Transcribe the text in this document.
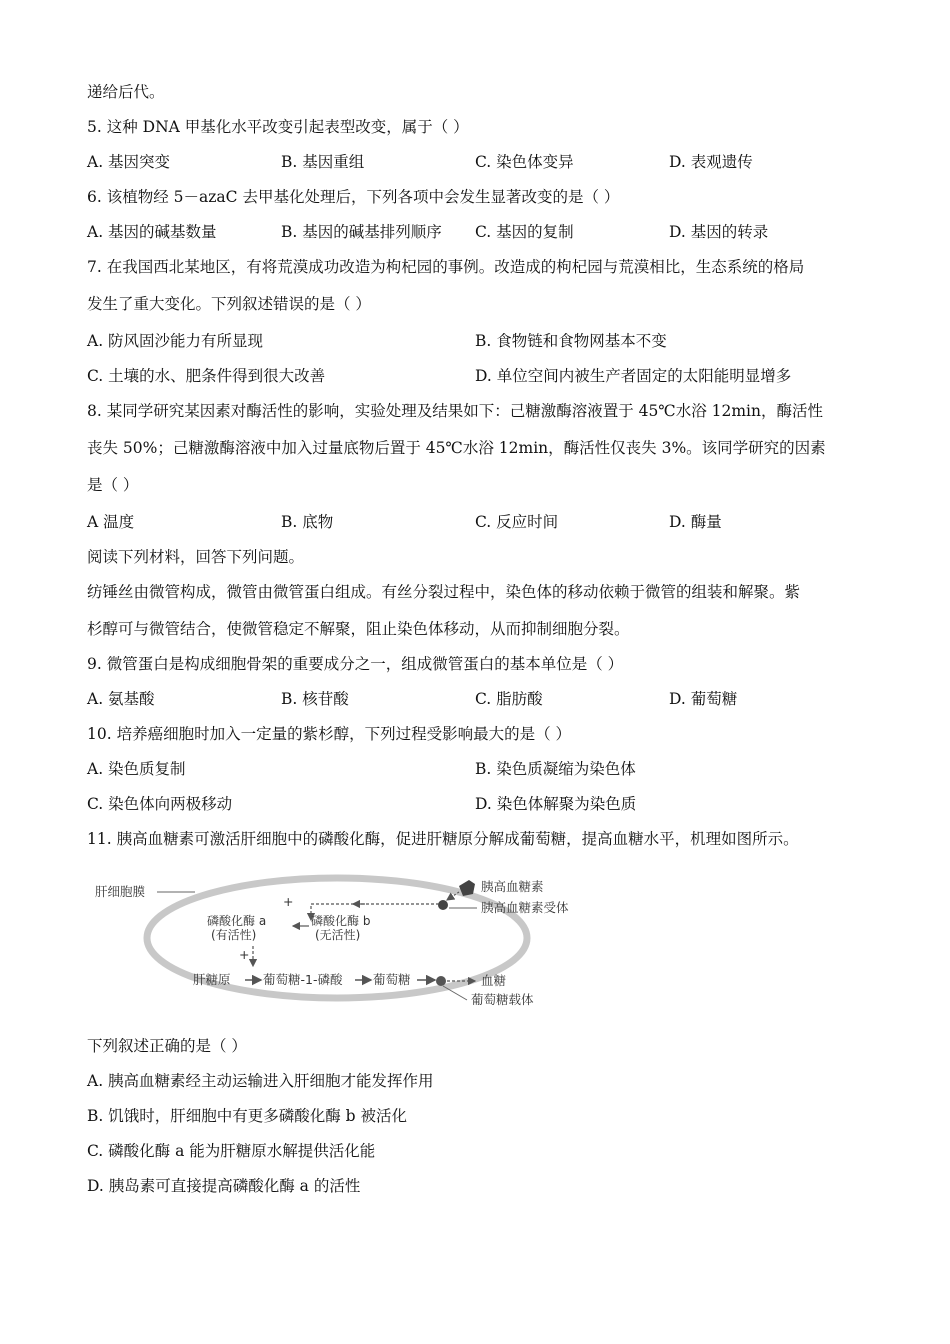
递给后代。
5. 这种 DNA 甲基化水平改变引起表型改变，属于（ ）
A. 基因突变	B. 基因重组	C. 染色体变异	D. 表观遗传
6. 该植物经 5－azaC 去甲基化处理后，下列各项中会发生显著改变的是（ ）
A. 基因的碱基数量	B. 基因的碱基排列顺序	C. 基因的复制	D. 基因的转录
7. 在我国西北某地区，有将荒漠成功改造为枸杞园的事例。改造成的枸杞园与荒漠相比，生态系统的格局
发生了重大变化。下列叙述错误的是（ ）
A. 防风固沙能力有所显现	B. 食物链和食物网基本不变
C. 土壤的水、肥条件得到很大改善	D. 单位空间内被生产者固定的太阳能明显增多
8. 某同学研究某因素对酶活性的影响，实验处理及结果如下：己糖激酶溶液置于 45℃水浴 12min，酶活性
丧失 50%；己糖激酶溶液中加入过量底物后置于 45℃水浴 12min，酶活性仅丧失 3%。该同学研究的因素
是（ ）
A 温度	B. 底物	C. 反应时间	D. 酶量
阅读下列材料，回答下列问题。
纺锤丝由微管构成，微管由微管蛋白组成。有丝分裂过程中，染色体的移动依赖于微管的组装和解聚。紫
杉醇可与微管结合，使微管稳定不解聚，阻止染色体移动，从而抑制细胞分裂。
9. 微管蛋白是构成细胞骨架的重要成分之一，组成微管蛋白的基本单位是（ ）
A. 氨基酸	B. 核苷酸	C. 脂肪酸	D. 葡萄糖
10. 培养癌细胞时加入一定量的紫杉醇，下列过程受影响最大的是（ ）
A. 染色质复制	B. 染色质凝缩为染色体
C. 染色体向两极移动	D. 染色体解聚为染色质
11. 胰高血糖素可激活肝细胞中的磷酸化酶，促进肝糖原分解成葡萄糖，提高血糖水平，机理如图所示。
肝细胞膜	胰高血糖素
胰高血糖素受体
+
磷酸化酶 a
(有活性)
磷酸化酶 b
(无活性)
+
肝糖原	葡萄糖-1-磷酸 葡萄糖	血糖
葡萄糖载体
下列叙述正确的是（ ）
A. 胰高血糖素经主动运输进入肝细胞才能发挥作用
B. 饥饿时，肝细胞中有更多磷酸化酶 b 被活化
C. 磷酸化酶 a 能为肝糖原水解提供活化能
D. 胰岛素可直接提高磷酸化酶 a 的活性
